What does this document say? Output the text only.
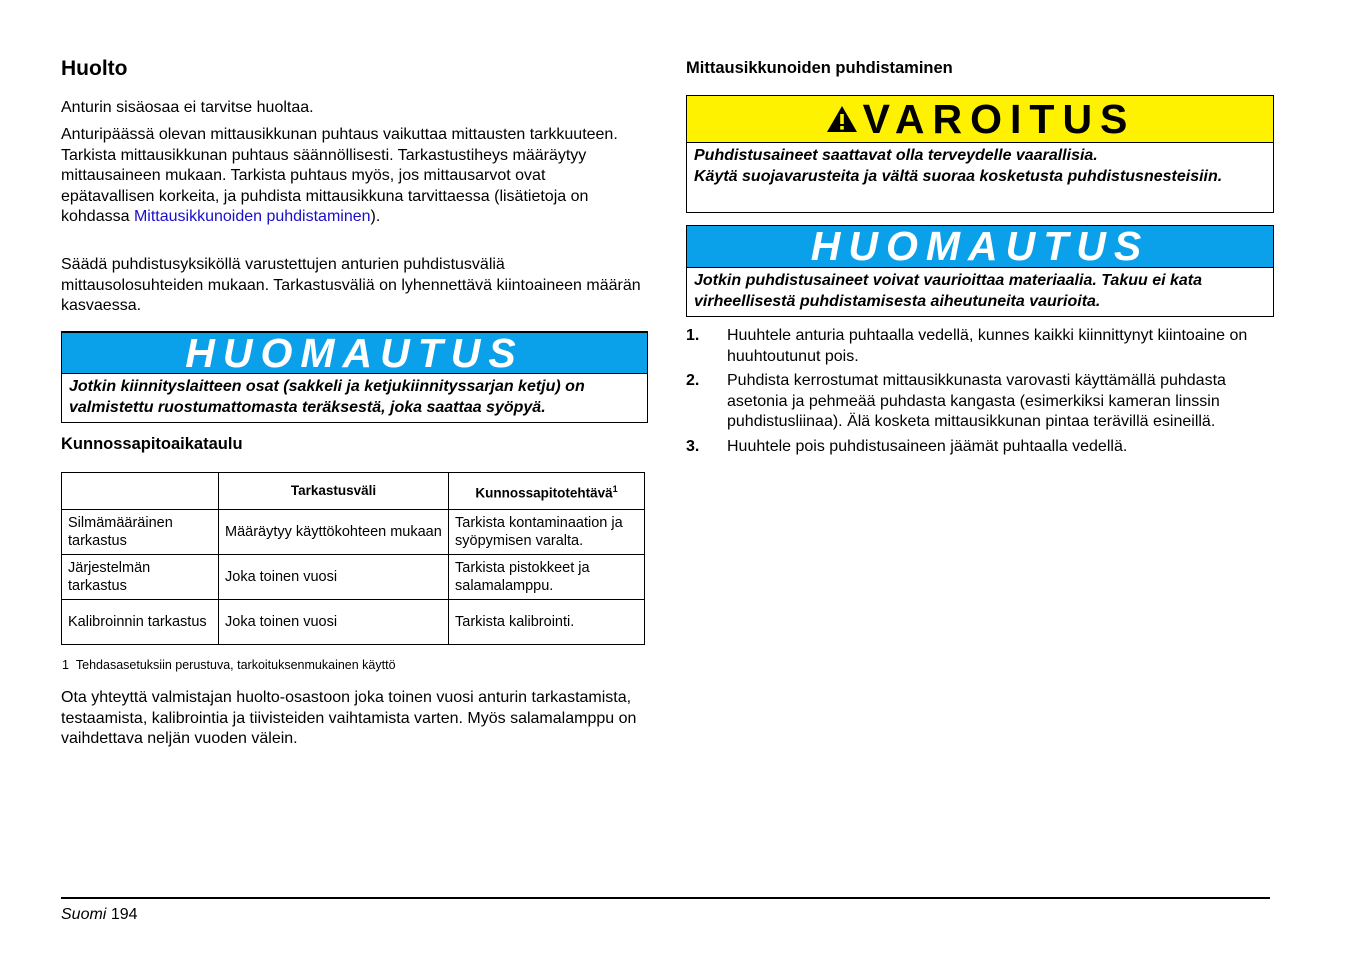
Huolto
Anturin sisäosaa ei tarvitse huoltaa.
Anturipäässä olevan mittausikkunan puhtaus vaikuttaa mittausten tarkkuuteen. Tarkista mittausikkunan puhtaus säännöllisesti. Tarkastustiheys määräytyy mittausaineen mukaan. Tarkista puhtaus myös, jos mittausarvot ovat epätavallisen korkeita, ja puhdista mittausikkuna tarvittaessa (lisätietoja on kohdassa Mittausikkunoiden puhdistaminen).
Säädä puhdistusyksiköllä varustettujen anturien puhdistusväliä mittausolosuhteiden mukaan. Tarkastusväliä on lyhennettävä kiintoaineen määrän kasvaessa.
HUOMAUTUS
Jotkin kiinnityslaitteen osat (sakkeli ja ketjukiinnityssarjan ketju) on valmistettu ruostumattomasta teräksestä, joka saattaa syöpyä.
Kunnossapitoaikataulu
	Tarkastusväli	Kunnossapitotehtävä$^1$
Silmämääräinen tarkastus	Määräytyy käyttökohteen mukaan	Tarkista kontaminaation ja syöpymisen varalta.
Järjestelmän tarkastus	Joka toinen vuosi	Tarkista pistokkeet ja salamalamppu.
Kalibroinnin tarkastus	Joka toinen vuosi	Tarkista kalibrointi.
1 Tehdasasetuksiin perustuva, tarkoituksenmukainen käyttö
Ota yhteyttä valmistajan huolto-osastoon joka toinen vuosi anturin tarkastamista, testaamista, kalibrointia ja tiivisteiden vaihtamista varten. Myös salamalamppu on vaihdettava neljän vuoden välein.
Mittausikkunoiden puhdistaminen
VAROITUS
Puhdistusaineet saattavat olla terveydelle vaarallisia.
Käytä suojavarusteita ja vältä suoraa kosketusta puhdistusnesteisiin.
HUOMAUTUS
Jotkin puhdistusaineet voivat vaurioittaa materiaalia. Takuu ei kata virheellisestä puhdistamisesta aiheutuneita vaurioita.
1.	Huuhtele anturia puhtaalla vedellä, kunnes kaikki kiinnittynyt kiintoaine on huuhtoutunut pois.
2.	Puhdista kerrostumat mittausikkunasta varovasti käyttämällä puhdasta asetonia ja pehmeää puhdasta kangasta (esimerkiksi kameran linssin puhdistusliinaa). Älä kosketa mittausikkunan pintaa terävillä esineillä.
3.	Huuhtele pois puhdistusaineen jäämät puhtaalla vedellä.
Suomi 194
